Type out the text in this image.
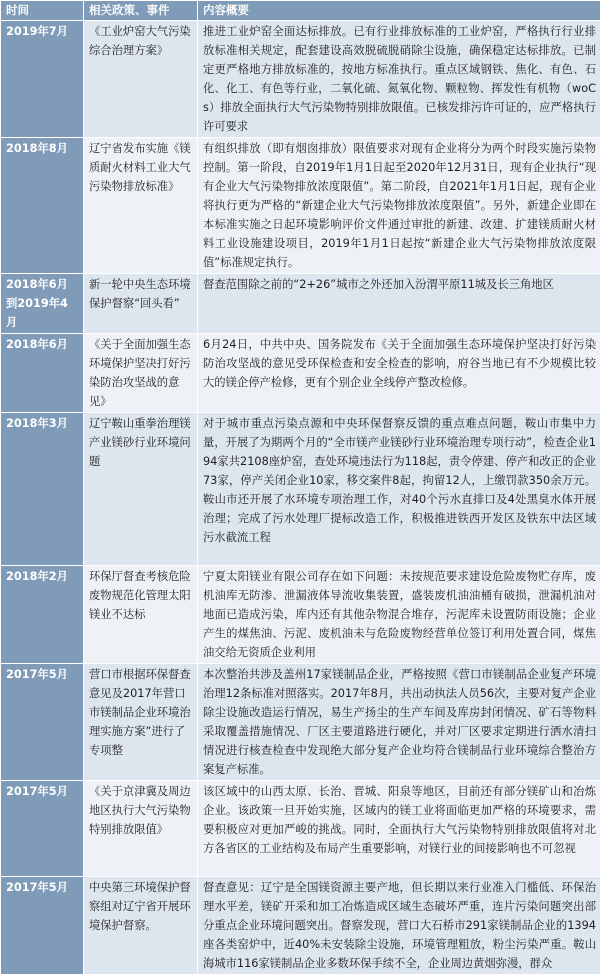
时间	相关政策、事件	内容概要
2019年7月	《工业炉窑大气污染综合治理方案》	推进工业炉窑全面达标排放。已有行业排放标准的工业炉窑，严格执行行业排放标准相关规定，配套建设高效脱硫脱硝除尘设施，确保稳定达标排放。已制定更严格地方排放标准的，按地方标准执行。重点区域钢铁、焦化、有色、石化、化工、有色等行业，二氧化硫、氮氧化物、颗粒物、挥发性有机物（woCs）排放全面执行大气污染物特别排放限值。已核发排污许可证的，应严格执行许可要求
2018年8月	辽宁省发布实施《镁质耐火材料工业大气污染物排放标准》	有组织排放（即有烟囱排放）限值要求对现有企业将分为两个时段实施污染物控制。第一阶段，自2019年1月1日起至2020年12月31日，现有企业执行“现有企业大气污染物排放浓度限值”。第二阶段，自2021年1月1日起，现有企业将执行更为严格的“新建企业大气污染物排放浓度限值”。另外，新建企业即在本标准实施之日起环境影响评价文件通过审批的新建、改建、扩建镁质耐火材料工业设施建设项目，2019年1月1日起按“新建企业大气污染物排放浓度限值”标准规定执行。
2018年6月到2019年4月	新一轮中央生态环境保护督察“回头看”	督查范围除之前的“2+26”城市之外还加入汾渭平原11城及长三角地区
2018年6月	《关于全面加强生态环境保护坚决打好污染防治攻坚战的意见》	6月24日，中共中央、国务院发布《关于全面加强生态环境保护坚决打好污染防治攻坚战的意见受环保检查和安全检查的影响，府谷当地已有不少规模比较大的镁企停产检修，更有个别企业全线停产整改检修。
2018年3月	辽宁鞍山重拳治理镁产业镁砂行业环境问题	对于城市重点污染点源和中央环保督察反馈的重点难点问题，鞍山市集中力量，开展了为期两个月的“全市镁产业镁砂行业环境治理专项行动”，检查企业194家共2108座炉窑，查处环境违法行为118起，责令停建、停产和改正的企业73家，停产关闭企业10家，移交案件8起，拘留12人，上缴罚款350余万元。鞍山市还开展了水环境专项治理工作，对40个污水直排口及4处黑臭水体开展治理；完成了污水处理厂提标改造工作，积极推进铁西开发区及铁东中法区域污水截流工程
2018年2月	环保厅督查考核危险废物规范化管理太阳镁业不达标	宁夏太阳镁业有限公司存在如下问题：未按规范要求建设危险废物贮存库，废机油库无防渗、泄漏液体导流收集装置，盛装废机油油桶有破损，泄漏机油对地面已造成污染，库内还有其他杂物混合堆存，污泥库未设置防雨设施；企业产生的煤焦油、污泥、废机油未与危险废物经营单位签订利用处置合同，煤焦油交给无资质企业利用
2017年5月	营口市根据环保督查意见及2017年营口市镁制品企业环境治理实施方案”进行了专项整	本次整治共涉及盖州17家镁制品企业，严格按照《营口市镁制品企业复产环境治理12条标准对照落实。2017年8月，共出动执法人员56次，主要对复产企业除尘设施改造运行情况，易生产扬尘的生产车间及库房封闭情况、矿石等物料采取覆盖措施情况、厂区主要道路进行硬化，并对厂区要求定期进行洒水清扫情况进行核查检查中发现绝大部分复产企业均符合镁制品行业环境综合整治方案复产标准。
2017年5月	《关于京津冀及周边地区执行大气污染物特别排放限值》	该区域中的山西太原、长治、晋城、阳泉等地区，目前还有部分镁矿山和冶炼企业。该政策一旦开始实施，区域内的镁工业将面临更加严格的环境要求，需要积极应对更加严峻的挑战。同时，全面执行大气污染物特别排放限值将对北方各省区的工业结构及布局产生重要影响，对镁行业的间接影响也不可忽视
2017年5月	中央第三环境保护督察组对辽宁省开展环境保护督察。	督查意见：辽宁是全国镁资源主要产地，但长期以来行业准入门槛低、环保治理水平差，镁矿开采和加工冶炼造成区域生态破坏严重，连片污染问题突出部分重点企业环境问题突出。督察发现，营口大石桥市291家镁制品企业的1394座各类窑炉中，近40%未安装除尘设施，环境管理粗放，粉尘污染严重。鞍山海城市116家镁制品企业多数环保手续不全，企业周边黄烟弥漫，群众
